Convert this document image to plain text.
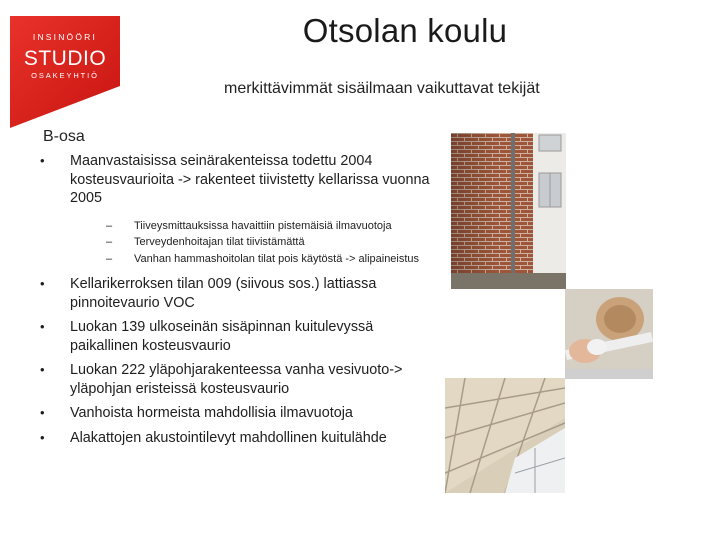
INSINÖÖRI
STUDIO
OSAKEYHTIÖ
Otsolan koulu
merkittävimmät sisäilmaan vaikuttavat tekijät
B-osa
•	Maanvastaisissa seinärakenteissa todettu 2004 kosteusvaurioita -> rakenteet tiivistetty kellarissa vuonna 2005
– Tiiveysmittauksissa havaittiin pistemäisiä ilmavuotoja
– Terveydenhoitajan tilat tiivistämättä
– Vanhan hammashoitolan tilat pois käytöstä -> alipaineistus
•	Kellarikerroksen tilan 009 (siivous sos.) lattiassa pinnoitevaurio VOC
•	Luokan 139 ulkoseinän sisäpinnan kuitulevyssä paikallinen kosteusvaurio
•	Luokan 222 yläpohjarakenteessa vanha vesivuoto-> yläpohjan eristeissä kosteusvaurio
•	Vanhoista hormeista mahdollisia ilmavuotoja
•	Alakattojen akustointilevyt mahdollinen kuitulähde
